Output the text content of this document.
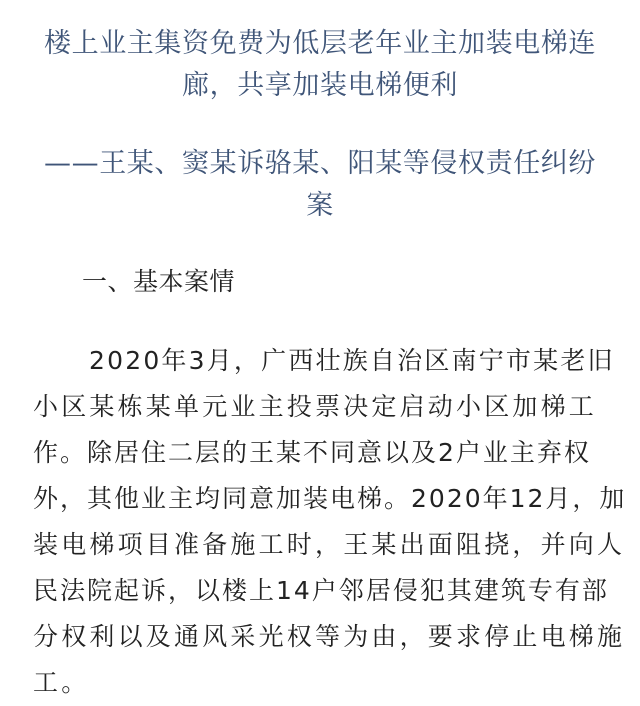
楼上业主集资免费为低层老年业主加装电梯连
廊，共享加装电梯便利
——王某、窦某诉骆某、阳某等侵权责任纠纷
案
一、基本案情
2020年3月，广西壮族自治区南宁市某老旧
小区某栋某单元业主投票决定启动小区加梯工
作。除居住二层的王某不同意以及2户业主弃权
外，其他业主均同意加装电梯。2020年12月，加
装电梯项目准备施工时，王某出面阻挠，并向人
民法院起诉，以楼上14户邻居侵犯其建筑专有部
分权利以及通风采光权等为由，要求停止电梯施
工。
